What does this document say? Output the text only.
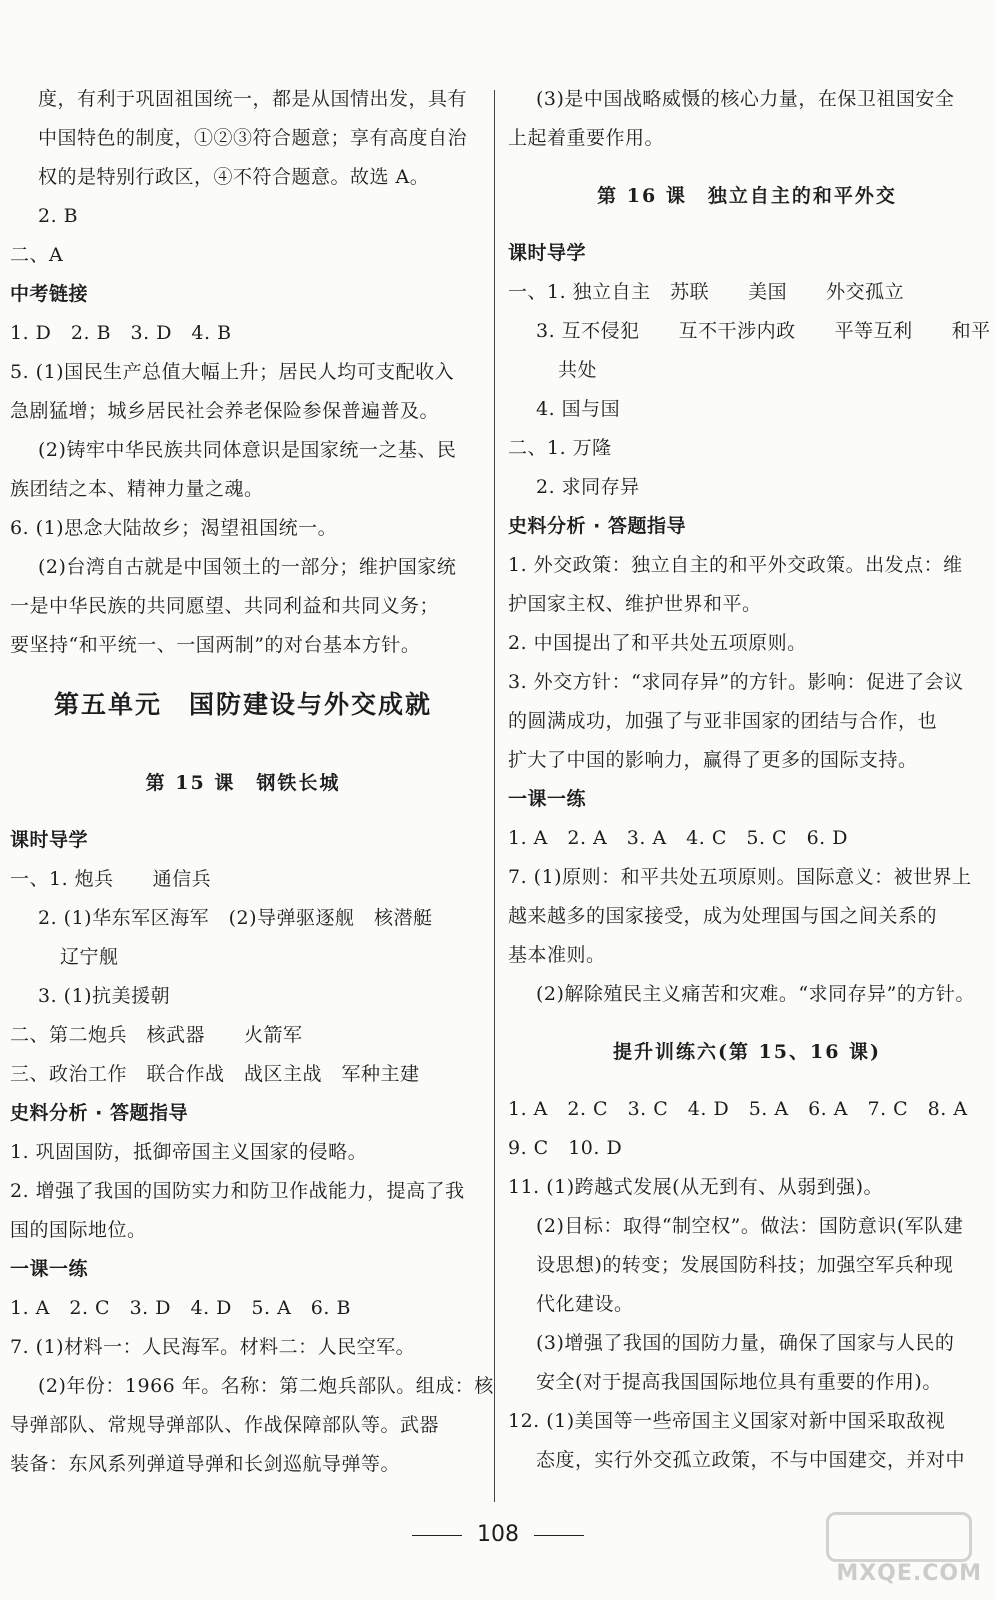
度，有利于巩固祖国统一，都是从国情出发，具有
中国特色的制度，①②③符合题意；享有高度自治
权的是特别行政区，④不符合题意。故选 A。
2. B
二、A
中考链接
1. D　2. B　3. D　4. B
5. (1)国民生产总值大幅上升；居民人均可支配收入
急剧猛增；城乡居民社会养老保险参保普遍普及。
(2)铸牢中华民族共同体意识是国家统一之基、民
族团结之本、精神力量之魂。
6. (1)思念大陆故乡；渴望祖国统一。
(2)台湾自古就是中国领土的一部分；维护国家统
一是中华民族的共同愿望、共同利益和共同义务；
要坚持“和平统一、一国两制”的对台基本方针。
第五单元　国防建设与外交成就
第 15 课　钢铁长城
课时导学
一、1. 炮兵　　通信兵
2. (1)华东军区海军　(2)导弹驱逐舰　核潜艇
辽宁舰
3. (1)抗美援朝
二、第二炮兵　核武器　　火箭军
三、政治工作　联合作战　战区主战　军种主建
史料分析 · 答题指导
1. 巩固国防，抵御帝国主义国家的侵略。
2. 增强了我国的国防实力和防卫作战能力，提高了我
国的国际地位。
一课一练
1. A　2. C　3. D　4. D　5. A　6. B
7. (1)材料一：人民海军。材料二：人民空军。
(2)年份：1966 年。名称：第二炮兵部队。组成：核
导弹部队、常规导弹部队、作战保障部队等。武器
装备：东风系列弹道导弹和长剑巡航导弹等。
(3)是中国战略威慑的核心力量，在保卫祖国安全
上起着重要作用。
第 16 课　独立自主的和平外交
课时导学
一、1. 独立自主　苏联　　美国　　外交孤立
3. 互不侵犯　　互不干涉内政　　平等互利　　和平
共处
4. 国与国
二、1. 万隆
2. 求同存异
史料分析 · 答题指导
1. 外交政策：独立自主的和平外交政策。出发点：维
护国家主权、维护世界和平。
2. 中国提出了和平共处五项原则。
3. 外交方针：“求同存异”的方针。影响：促进了会议
的圆满成功，加强了与亚非国家的团结与合作，也
扩大了中国的影响力，赢得了更多的国际支持。
一课一练
1. A　2. A　3. A　4. C　5. C　6. D
7. (1)原则：和平共处五项原则。国际意义：被世界上
越来越多的国家接受，成为处理国与国之间关系的
基本准则。
(2)解除殖民主义痛苦和灾难。“求同存异”的方针。
提升训练六(第 15、16 课)
1. A　2. C　3. C　4. D　5. A　6. A　7. C　8. A
9. C　10. D
11. (1)跨越式发展(从无到有、从弱到强)。
(2)目标：取得“制空权”。做法：国防意识(军队建
设思想)的转变；发展国防科技；加强空军兵种现
代化建设。
(3)增强了我国的国防力量，确保了国家与人民的
安全(对于提高我国国际地位具有重要的作用)。
12. (1)美国等一些帝国主义国家对新中国采取敌视
态度，实行外交孤立政策，不与中国建交，并对中
108
MXQE.COM
